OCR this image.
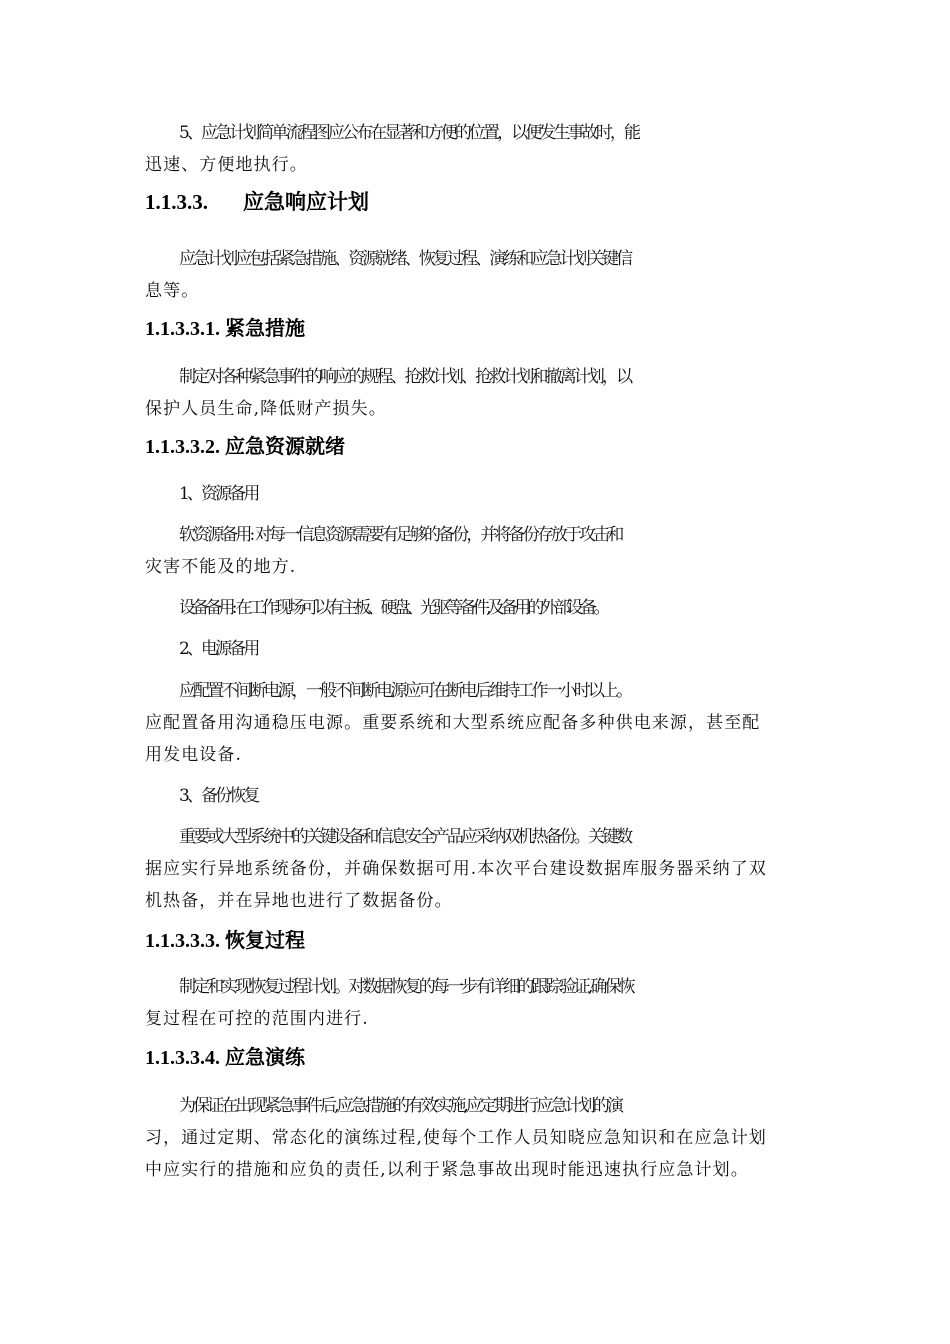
5、应急计划简单流程图应公布在显著和方便的位置，以便发生事故时，能
迅速、方便地执行。

1.1.3.3. 应急响应计划

应急计划应包括紧急措施、资源就绪、恢复过程、演练和应急计划关键信
息等。

1.1.3.3.1. 紧急措施

制定对各种紧急事件的响应的规程、抢救计划、抢救计划和撤离计划，以
保护人员生命,降低财产损失。

1.1.3.3.2. 应急资源就绪

1、资源备用

软资源备用: 对每一信息资源需要有足够的备份，并将备份存放于攻击和
灾害不能及的地方.

设备备用: 在工作现场可以有主板、硬盘、光驱等备件,及备用的外部设备。

2、电源备用

应配置不间断电源，一般不间断电源应可在断电后维持工作一小时以上。
应配置备用沟通稳压电源。重要系统和大型系统应配备多种供电来源，甚至配
用发电设备.

3、备份恢复

重要或大型系统中的关键设备和信息安全产品应采纳双机热备份。关键数
据应实行异地系统备份，并确保数据可用.本次平台建设数据库服务器采纳了双
机热备，并在异地也进行了数据备份。

1.1.3.3.3. 恢复过程

制定和实现恢复过程计划。对数据恢复的每一步有详细的跟踪验证,确保恢
复过程在可控的范围内进行.

1.1.3.3.4. 应急演练

为保证在出现紧急事件后,应急措施的有效实施,应定期进行应急计划的演
习，通过定期、常态化的演练过程,使每个工作人员知晓应急知识和在应急计划
中应实行的措施和应负的责任,以利于紧急事故出现时能迅速执行应急计划。
